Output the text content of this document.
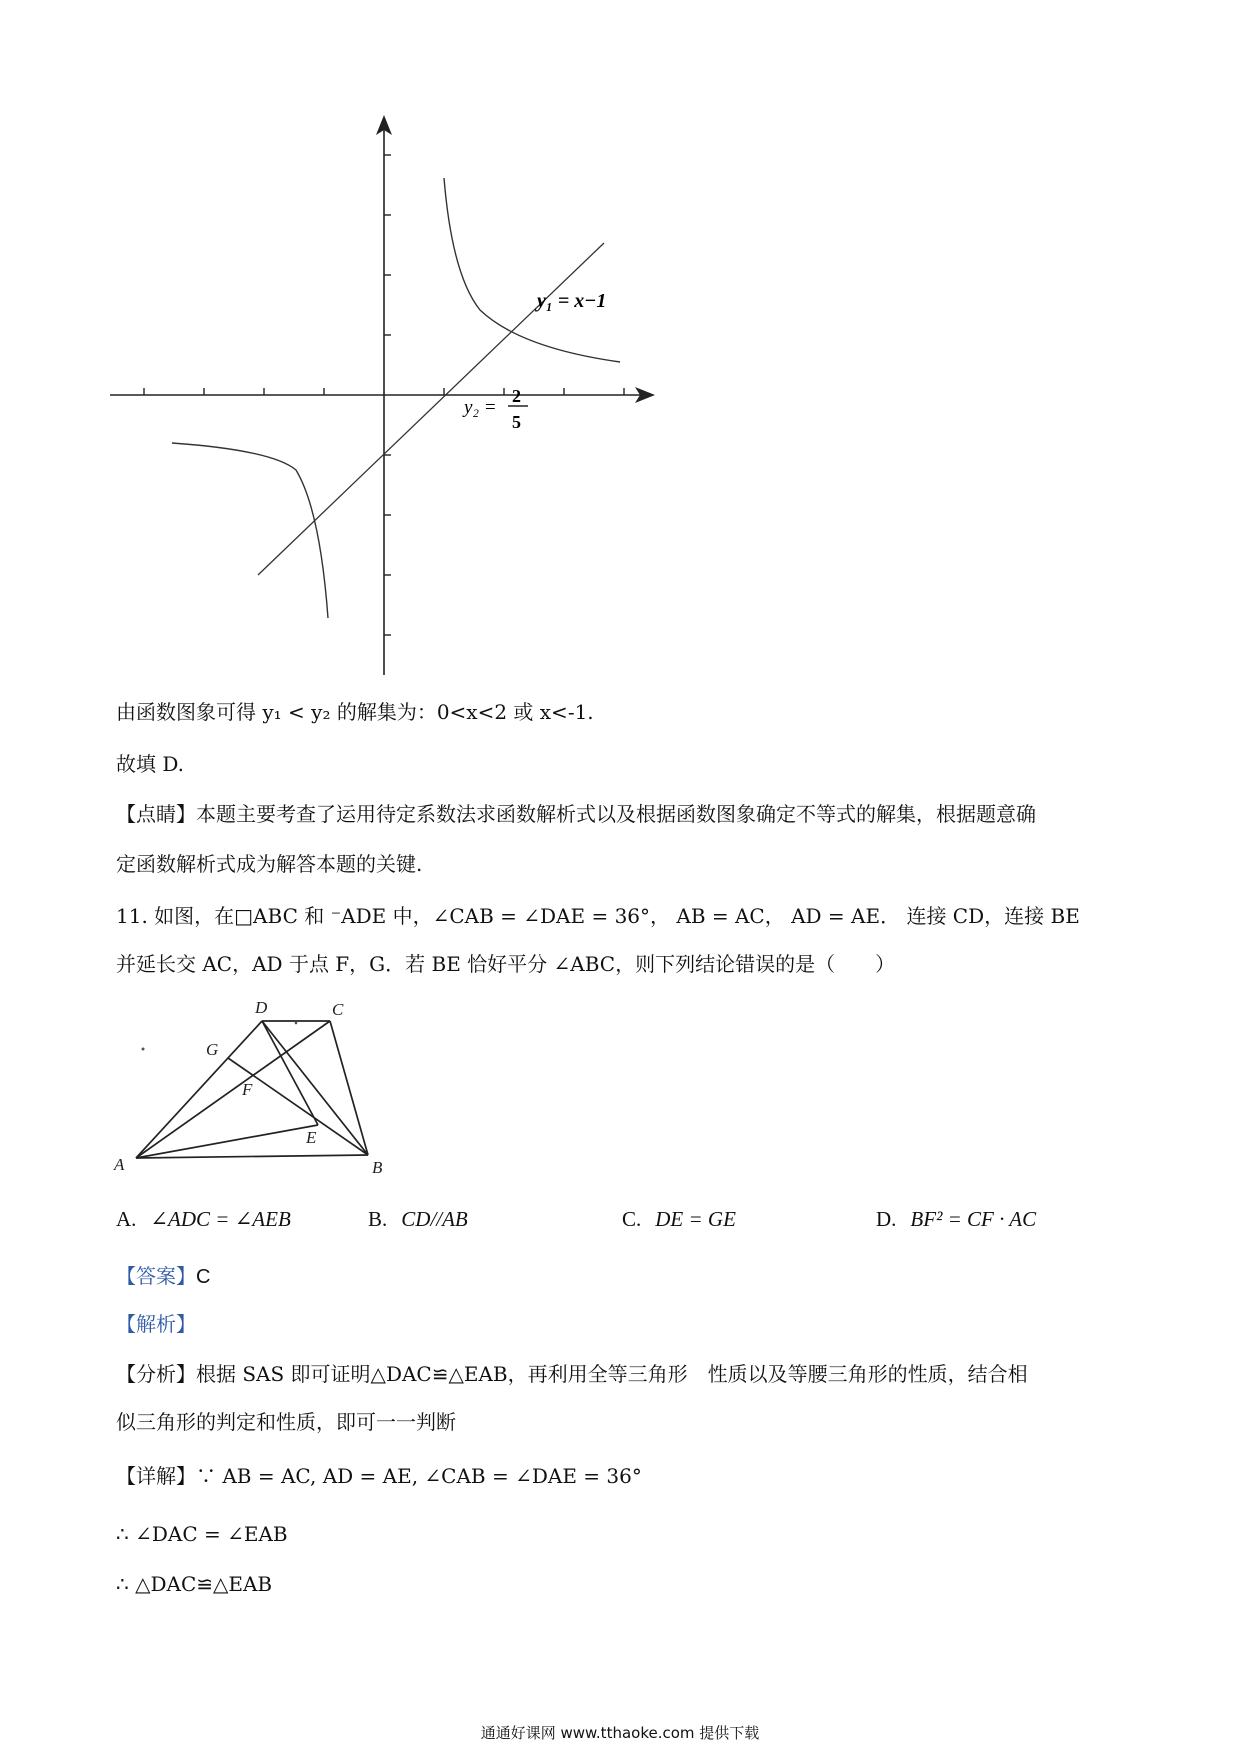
y₁ = x−1
y₂ =
2
5
由函数图象可得 y₁ < y₂ 的解集为：0<x<2 或 x<-1.
故填 D.
【点睛】本题主要考查了运用待定系数法求函数解析式以及根据函数图象确定不等式的解集，根据题意确
定函数解析式成为解答本题的关键.
11. 如图，在□ABC 和 ⁻ADE 中，∠CAB = ∠DAE = 36°， AB = AC， AD = AE． 连接 CD，连接 BE
并延长交 AC，AD 于点 F，G．若 BE 恰好平分 ∠ABC，则下列结论错误的是（　　）
A	B
C
D
E
F
G
A. ∠ADC = ∠AEB	B. CD//AB	C. DE = GE	D. BF² = CF · AC
【答案】C
【解析】
【分析】根据 SAS 即可证明△DAC≌△EAB，再利用全等三角形　性质以及等腰三角形的性质，结合相
似三角形的判定和性质，即可一一判断
【详解】∵ AB = AC, AD = AE, ∠CAB = ∠DAE = 36°
∴ ∠DAC = ∠EAB
∴ △DAC≌△EAB
通通好课网 www.tthaoke.com 提供下载
